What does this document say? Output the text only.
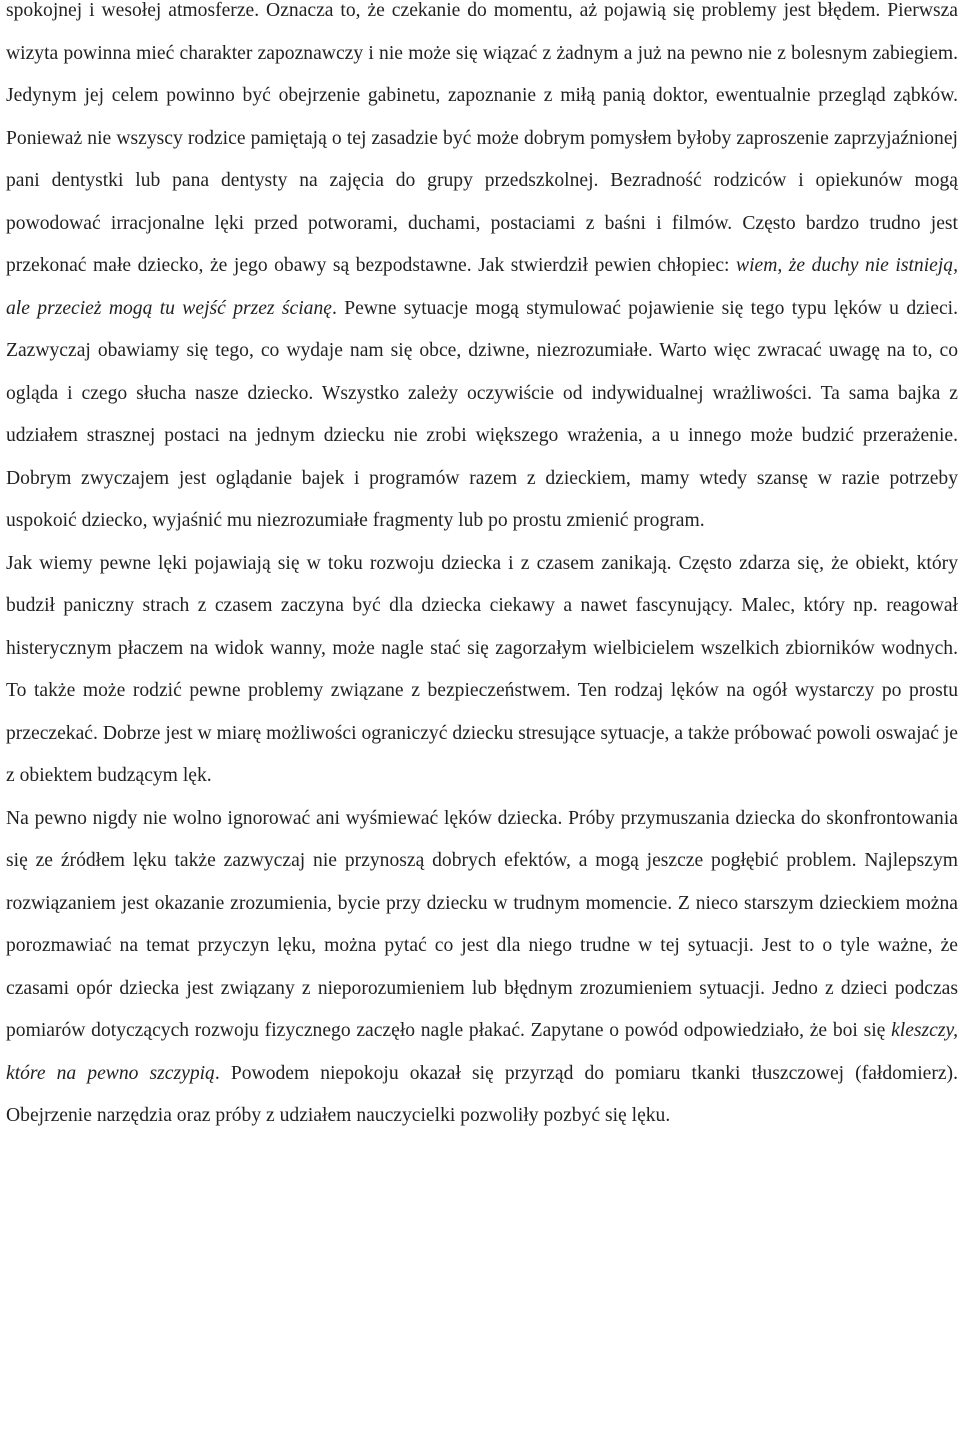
spokojnej i wesołej atmosferze. Oznacza to, że czekanie do momentu, aż pojawią się problemy jest błędem. Pierwsza wizyta powinna mieć charakter zapoznawczy i nie może się wiązać z żadnym a już na pewno nie z bolesnym zabiegiem. Jedynym jej celem powinno być obejrzenie gabinetu, zapoznanie z miłą panią doktor, ewentualnie przegląd ząbków. Ponieważ nie wszyscy rodzice pamiętają o tej zasadzie być może dobrym pomysłem byłoby zaproszenie zaprzyjaźnionej pani dentystki lub pana dentysty na zajęcia do grupy przedszkolnej. Bezradność rodziców i opiekunów mogą powodować irracjonalne lęki przed potworami, duchami, postaciami z baśni i filmów. Często bardzo trudno jest przekonać małe dziecko, że jego obawy są bezpodstawne. Jak stwierdził pewien chłopiec: wiem, że duchy nie istnieją, ale przecież mogą tu wejść przez ścianę. Pewne sytuacje mogą stymulować pojawienie się tego typu lęków u dzieci. Zazwyczaj obawiamy się tego, co wydaje nam się obce, dziwne, niezrozumiałe. Warto więc zwracać uwagę na to, co ogląda i czego słucha nasze dziecko. Wszystko zależy oczywiście od indywidualnej wrażliwości. Ta sama bajka z udziałem strasznej postaci na jednym dziecku nie zrobi większego wrażenia, a u innego może budzić przerażenie. Dobrym zwyczajem jest oglądanie bajek i programów razem z dzieckiem, mamy wtedy szansę w razie potrzeby uspokoić dziecko, wyjaśnić mu niezrozumiałe fragmenty lub po prostu zmienić program.

Jak wiemy pewne lęki pojawiają się w toku rozwoju dziecka i z czasem zanikają. Często zdarza się, że obiekt, który budził paniczny strach z czasem zaczyna być dla dziecka ciekawy a nawet fascynujący. Malec, który np. reagował histerycznym płaczem na widok wanny, może nagle stać się zagorzałym wielbicielem wszelkich zbiorników wodnych. To także może rodzić pewne problemy związane z bezpieczeństwem. Ten rodzaj lęków na ogół wystarczy po prostu przeczekać. Dobrze jest w miarę możliwości ograniczyć dziecku stresujące sytuacje, a także próbować powoli oswajać je z obiektem budzącym lęk.

Na pewno nigdy nie wolno ignorować ani wyśmiewać lęków dziecka. Próby przymuszania dziecka do skonfrontowania się ze źródłem lęku także zazwyczaj nie przynoszą dobrych efektów, a mogą jeszcze pogłębić problem. Najlepszym rozwiązaniem jest okazanie zrozumienia, bycie przy dziecku w trudnym momencie. Z nieco starszym dzieckiem można porozmawiać na temat przyczyn lęku, można pytać co jest dla niego trudne w tej sytuacji. Jest to o tyle ważne, że czasami opór dziecka jest związany z nieporozumieniem lub błędnym zrozumieniem sytuacji. Jedno z dzieci podczas pomiarów dotyczących rozwoju fizycznego zaczęło nagle płakać. Zapytane o powód odpowiedziało, że boi się kleszczy, które na pewno szczypią. Powodem niepokoju okazał się przyrząd do pomiaru tkanki tłuszczowej (fałdomierz). Obejrzenie narzędzia oraz próby z udziałem nauczycielki pozwoliły pozbyć się lęku.
